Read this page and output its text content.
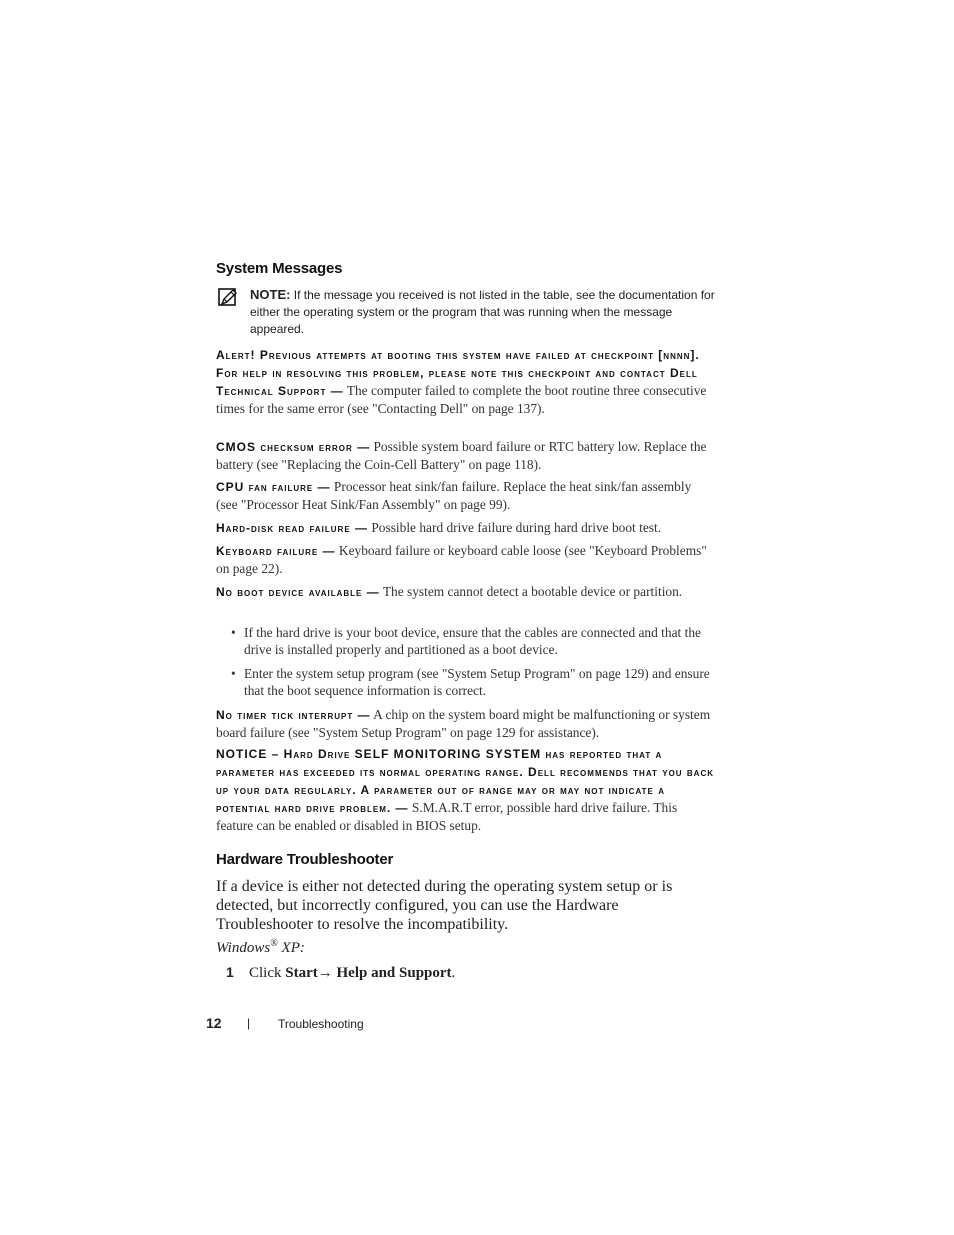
System Messages
NOTE: If the message you received is not listed in the table, see the documentation for either the operating system or the program that was running when the message appeared.
Alert! Previous attempts at booting this system have failed at checkpoint [nnnn]. For help in resolving this problem, please note this checkpoint and contact Dell Technical Support — The computer failed to complete the boot routine three consecutive times for the same error (see "Contacting Dell" on page 137).
CMOS checksum error — Possible system board failure or RTC battery low. Replace the battery (see "Replacing the Coin-Cell Battery" on page 118).
CPU fan failure — Processor heat sink/fan failure. Replace the heat sink/fan assembly (see "Processor Heat Sink/Fan Assembly" on page 99).
Hard-disk read failure — Possible hard drive failure during hard drive boot test.
Keyboard failure — Keyboard failure or keyboard cable loose (see "Keyboard Problems" on page 22).
No boot device available — The system cannot detect a bootable device or partition.
• If the hard drive is your boot device, ensure that the cables are connected and that the drive is installed properly and partitioned as a boot device.
• Enter the system setup program (see "System Setup Program" on page 129) and ensure that the boot sequence information is correct.
No timer tick interrupt — A chip on the system board might be malfunctioning or system board failure (see "System Setup Program" on page 129 for assistance).
NOTICE – Hard Drive SELF MONITORING SYSTEM has reported that a parameter has exceeded its normal operating range. Dell recommends that you back up your data regularly. A parameter out of range may or may not indicate a potential hard drive problem. — S.M.A.R.T error, possible hard drive failure. This feature can be enabled or disabled in BIOS setup.
Hardware Troubleshooter
If a device is either not detected during the operating system setup or is detected, but incorrectly configured, you can use the Hardware Troubleshooter to resolve the incompatibility.
Windows® XP:
1 Click Start→ Help and Support.
12 | Troubleshooting
